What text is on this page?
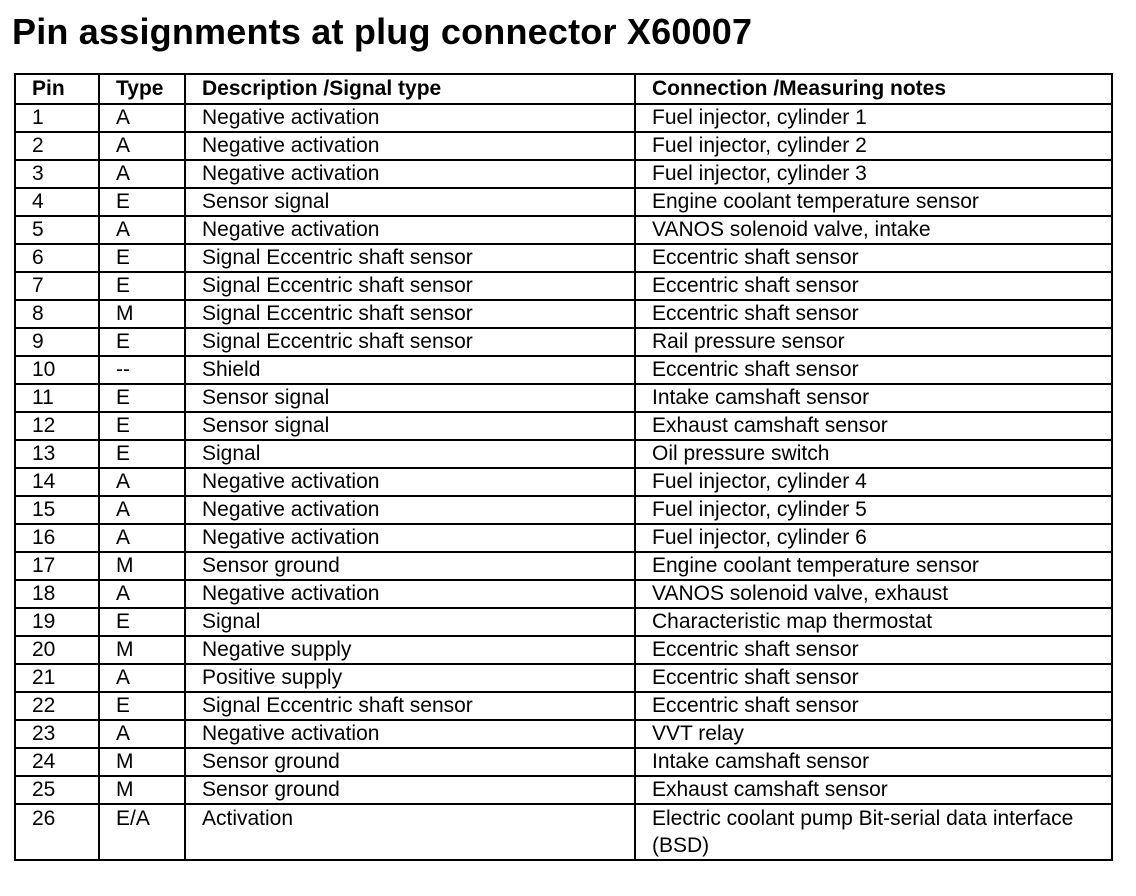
Pin assignments at plug connector X60007
Pin	Type	Description /Signal type	Connection /Measuring notes
1	A	Negative activation	Fuel injector, cylinder 1
2	A	Negative activation	Fuel injector, cylinder 2
3	A	Negative activation	Fuel injector, cylinder 3
4	E	Sensor signal	Engine coolant temperature sensor
5	A	Negative activation	VANOS solenoid valve, intake
6	E	Signal Eccentric shaft sensor	Eccentric shaft sensor
7	E	Signal Eccentric shaft sensor	Eccentric shaft sensor
8	M	Signal Eccentric shaft sensor	Eccentric shaft sensor
9	E	Signal Eccentric shaft sensor	Rail pressure sensor
10	--	Shield	Eccentric shaft sensor
11	E	Sensor signal	Intake camshaft sensor
12	E	Sensor signal	Exhaust camshaft sensor
13	E	Signal	Oil pressure switch
14	A	Negative activation	Fuel injector, cylinder 4
15	A	Negative activation	Fuel injector, cylinder 5
16	A	Negative activation	Fuel injector, cylinder 6
17	M	Sensor ground	Engine coolant temperature sensor
18	A	Negative activation	VANOS solenoid valve, exhaust
19	E	Signal	Characteristic map thermostat
20	M	Negative supply	Eccentric shaft sensor
21	A	Positive supply	Eccentric shaft sensor
22	E	Signal Eccentric shaft sensor	Eccentric shaft sensor
23	A	Negative activation	VVT relay
24	M	Sensor ground	Intake camshaft sensor
25	M	Sensor ground	Exhaust camshaft sensor
26	E/A	Activation	Electric coolant pump Bit-serial data interface (BSD)
